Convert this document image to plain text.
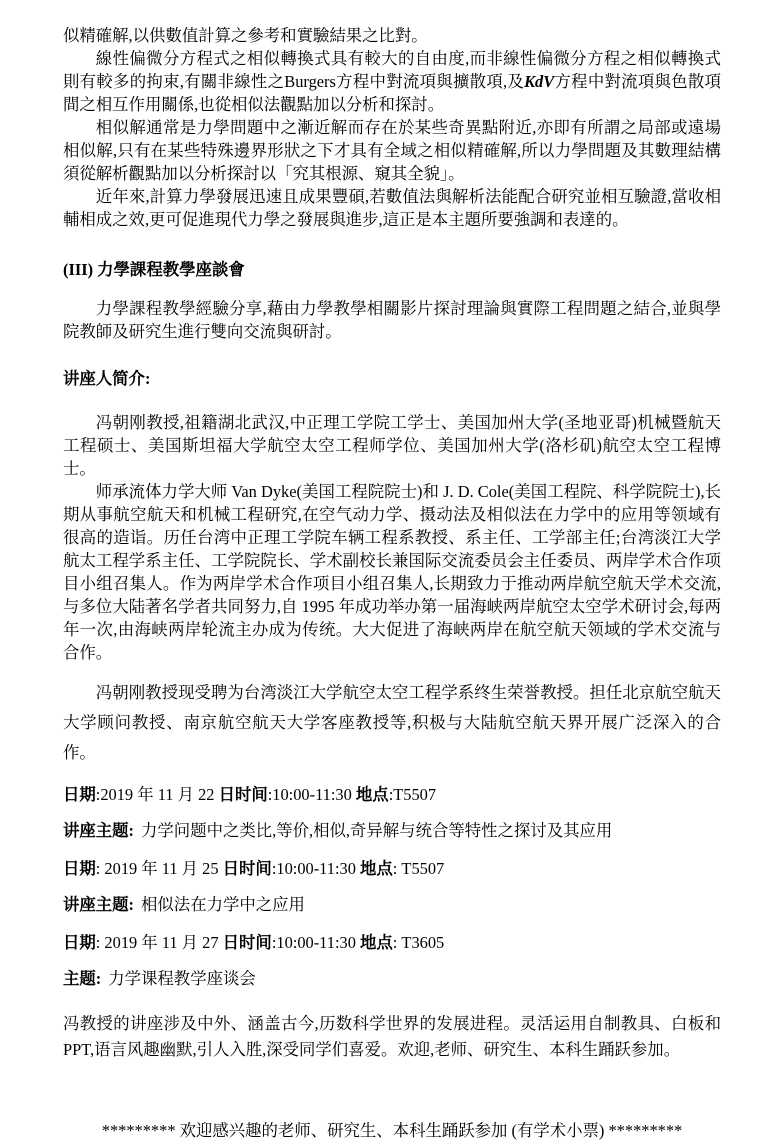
似精確解,以供數值計算之參考和實驗結果之比對。

線性偏微分方程式之相似轉換式具有較大的自由度,而非線性偏微分方程之相似轉換式則有較多的拘束,有關非線性之Burgers方程中對流項與擴散項,及KdV方程中對流項與色散項間之相互作用關係,也從相似法觀點加以分析和探討。

相似解通常是力學問題中之漸近解而存在於某些奇異點附近,亦即有所謂之局部或遠場相似解,只有在某些特殊邊界形狀之下才具有全域之相似精確解,所以力學問題及其數理結構須從解析觀點加以分析探討以「究其根源、窺其全貌」。

近年來,計算力學發展迅速且成果豐碩,若數值法與解析法能配合研究並相互驗證,當收相輔相成之效,更可促進現代力學之發展與進步,這正是本主題所要強調和表達的。

(III) 力學課程教學座談會

力學課程教學經驗分享,藉由力學教學相關影片探討理論與實際工程問題之結合,並與學院教師及研究生進行雙向交流與研討。

讲座人简介:

冯朝刚教授,祖籍湖北武汉,中正理工学院工学士、美国加州大学(圣地亚哥)机械暨航天工程硕士、美国斯坦福大学航空太空工程师学位、美国加州大学(洛杉矶)航空太空工程博士。

师承流体力学大师 Van Dyke(美国工程院院士)和 J. D. Cole(美国工程院、科学院院士),长期从事航空航天和机械工程研究,在空气动力学、摄动法及相似法在力学中的应用等领域有很高的造诣。历任台湾中正理工学院车辆工程系教授、系主任、工学部主任;台湾淡江大学航太工程学系主任、工学院院长、学术副校长兼国际交流委员会主任委员、两岸学术合作项目小组召集人。作为两岸学术合作项目小组召集人,长期致力于推动两岸航空航天学术交流,与多位大陆著名学者共同努力,自 1995 年成功举办第一届海峡两岸航空太空学术研讨会,每两年一次,由海峡两岸轮流主办成为传统。大大促进了海峡两岸在航空航天领域的学术交流与合作。

冯朝刚教授现受聘为台湾淡江大学航空太空工程学系终生荣誉教授。担任北京航空航天大学顾问教授、南京航空航天大学客座教授等,积极与大陆航空航天界开展广泛深入的合作。

日期:2019 年 11 月 22 日时间:10:00-11:30 地点:T5507

讲座主题: 力学问题中之类比,等价,相似,奇异解与统合等特性之探讨及其应用

日期: 2019 年 11 月 25 日时间:10:00-11:30 地点: T5507

讲座主题: 相似法在力学中之应用

日期: 2019 年 11 月 27 日时间:10:00-11:30 地点: T3605

主题: 力学课程教学座谈会

冯教授的讲座涉及中外、涵盖古今,历数科学世界的发展进程。灵活运用自制教具、白板和PPT,语言风趣幽默,引人入胜,深受同学们喜爱。欢迎,老师、研究生、本科生踊跃参加。

********* 欢迎感兴趣的老师、研究生、本科生踊跃参加 (有学术小票) *********
